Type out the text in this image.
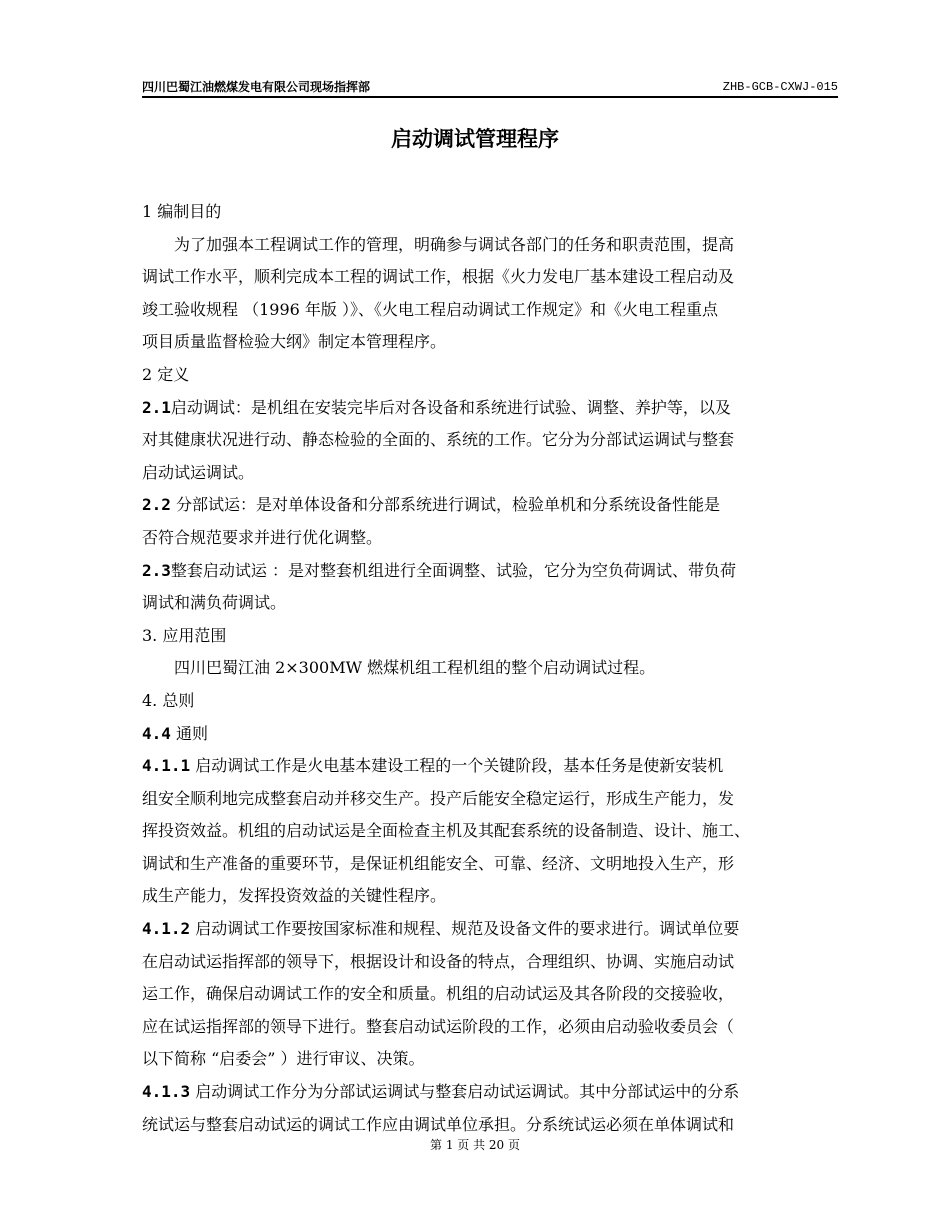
四川巴蜀江油燃煤发电有限公司现场指挥部	ZHB-GCB-CXWJ-015
启动调试管理程序
1 编制目的
为了加强本工程调试工作的管理，明确参与调试各部门的任务和职责范围，提高
调试工作水平，顺利完成本工程的调试工作，根据《火力发电厂基本建设工程启动及
竣工验收规程 （1996 年版 ）》、《火电工程启动调试工作规定》和《火电工程重点
项目质量监督检验大纲》制定本管理程序。
2 定义
2.1启动调试：是机组在安装完毕后对各设备和系统进行试验、调整、养护等，以及
对其健康状况进行动、静态检验的全面的、系统的工作。它分为分部试运调试与整套
启动试运调试。
2.2 分部试运：是对单体设备和分部系统进行调试，检验单机和分系统设备性能是
否符合规范要求并进行优化调整。
2.3整套启动试运 ：是对整套机组进行全面调整、试验，它分为空负荷调试、带负荷
调试和满负荷调试。
3. 应用范围
四川巴蜀江油 2×300MW 燃煤机组工程机组的整个启动调试过程。
4. 总则
4.4 通则
4.1.1 启动调试工作是火电基本建设工程的一个关键阶段，基本任务是使新安装机
组安全顺利地完成整套启动并移交生产。投产后能安全稳定运行，形成生产能力，发
挥投资效益。机组的启动试运是全面检查主机及其配套系统的设备制造、设计、施工、
调试和生产准备的重要环节，是保证机组能安全、可靠、经济、文明地投入生产，形
成生产能力，发挥投资效益的关键性程序。
4.1.2 启动调试工作要按国家标准和规程、规范及设备文件的要求进行。调试单位要
在启动试运指挥部的领导下，根据设计和设备的特点，合理组织、协调、实施启动试
运工作，确保启动调试工作的安全和质量。机组的启动试运及其各阶段的交接验收，
应在试运指挥部的领导下进行。整套启动试运阶段的工作，必须由启动验收委员会（
以下简称 “启委会” ）进行审议、决策。
4.1.3 启动调试工作分为分部试运调试与整套启动试运调试。其中分部试运中的分系
统试运与整套启动试运的调试工作应由调试单位承担。分系统试运必须在单体调试和
第 1 页 共 20 页
